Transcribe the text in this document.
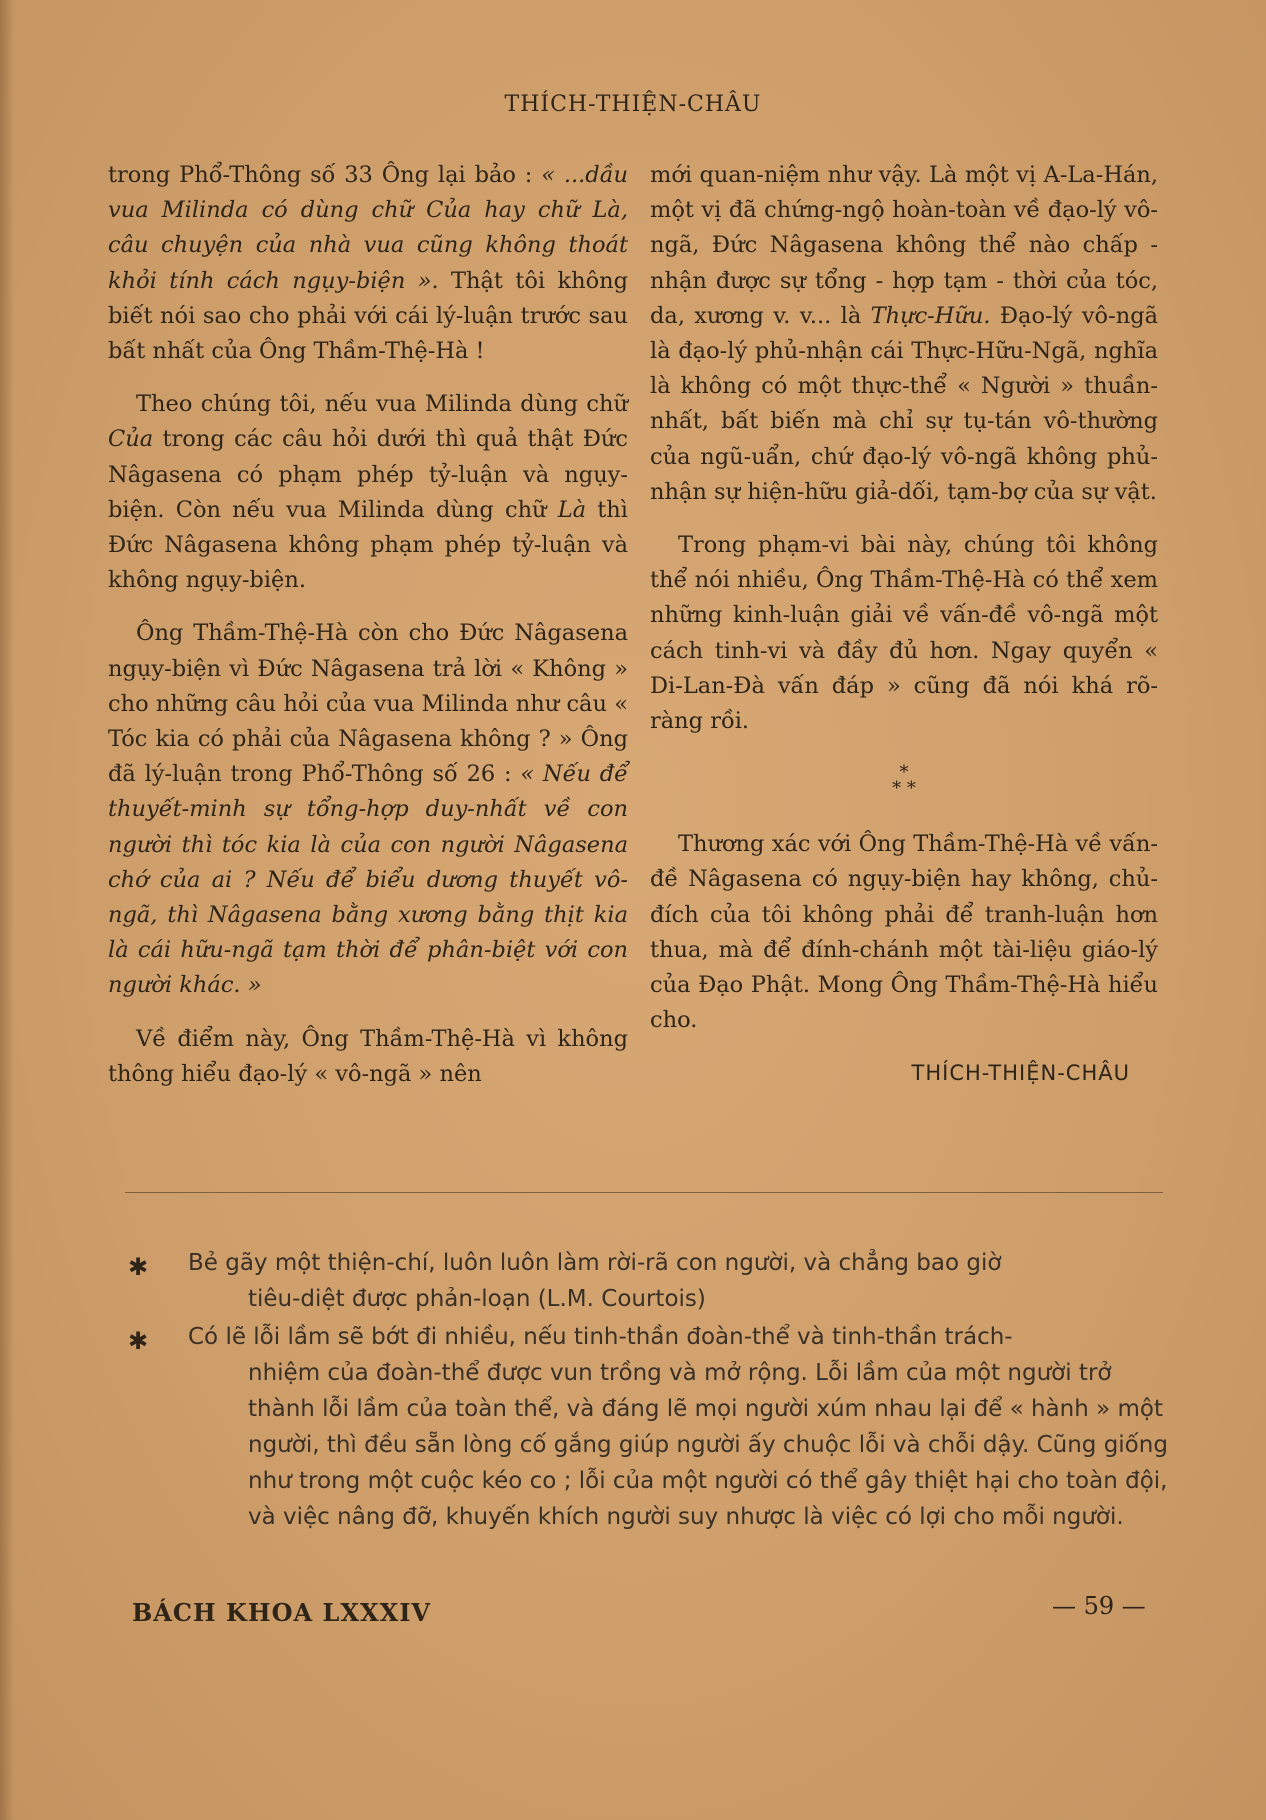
THÍCH-THIỆN-CHÂU

trong Phổ-Thông số 33 Ông lại bảo : « ...dầu vua Milinda có dùng chữ Của hay chữ Là, câu chuyện của nhà vua cũng không thoát khỏi tính cách ngụy-biện ». Thật tôi không biết nói sao cho phải với cái lý-luận trước sau bất nhất của Ông Thầm-Thệ-Hà !

Theo chúng tôi, nếu vua Milinda dùng chữ Của trong các câu hỏi dưới thì quả thật Đức Nâgasena có phạm phép tỷ-luận và ngụy-biện. Còn nếu vua Milinda dùng chữ Là thì Đức Nâgasena không phạm phép tỷ-luận và không ngụy-biện.

Ông Thầm-Thệ-Hà còn cho Đức Nâgasena ngụy-biện vì Đức Nâgasena trả lời « Không » cho những câu hỏi của vua Milinda như câu « Tóc kia có phải của Nâgasena không ? » Ông đã lý-luận trong Phổ-Thông số 26 : « Nếu để thuyết-minh sự tổng-hợp duy-nhất về con người thì tóc kia là của con người Nâgasena chớ của ai ? Nếu để biểu dương thuyết vô-ngã, thì Nâgasena bằng xương bằng thịt kia là cái hữu-ngã tạm thời để phân-biệt với con người khác. »

Về điểm này, Ông Thầm-Thệ-Hà vì không thông hiểu đạo-lý « vô-ngã » nên

mới quan-niệm như vậy. Là một vị A-La-Hán, một vị đã chứng-ngộ hoàn-toàn về đạo-lý vô-ngã, Đức Nâgasena không thể nào chấp - nhận được sự tổng - hợp tạm - thời của tóc, da, xương v. v... là Thực-Hữu. Đạo-lý vô-ngã là đạo-lý phủ-nhận cái Thực-Hữu-Ngã, nghĩa là không có một thực-thể « Người » thuần-nhất, bất biến mà chỉ sự tụ-tán vô-thường của ngũ-uẩn, chứ đạo-lý vô-ngã không phủ-nhận sự hiện-hữu giả-dối, tạm-bợ của sự vật.

Trong phạm-vi bài này, chúng tôi không thể nói nhiều, Ông Thầm-Thệ-Hà có thể xem những kinh-luận giải về vấn-đề vô-ngã một cách tinh-vi và đầy đủ hơn. Ngay quyển « Di-Lan-Đà vấn đáp » cũng đã nói khá rõ-ràng rồi.

*
* *

Thương xác với Ông Thầm-Thệ-Hà về vấn-đề Nâgasena có ngụy-biện hay không, chủ-đích của tôi không phải để tranh-luận hơn thua, mà để đính-chánh một tài-liệu giáo-lý của Đạo Phật. Mong Ông Thầm-Thệ-Hà hiểu cho.

THÍCH-THIỆN-CHÂU

✱ Bẻ gãy một thiện-chí, luôn luôn làm rời-rã con người, và chẳng bao giờ
tiêu-diệt được phản-loạn (L.M. Courtois)

✱ Có lẽ lỗi lầm sẽ bớt đi nhiều, nếu tinh-thần đoàn-thể và tinh-thần trách-
nhiệm của đoàn-thể được vun trồng và mở rộng. Lỗi lầm của một người trở thành lỗi lầm của toàn thể, và đáng lẽ mọi người xúm nhau lại để « hành » một người, thì đều sẵn lòng cố gắng giúp người ấy chuộc lỗi và chỗi dậy. Cũng giống như trong một cuộc kéo co ; lỗi của một người có thể gây thiệt hại cho toàn đội, và việc nâng đỡ, khuyến khích người suy nhược là việc có lợi cho mỗi người.

BÁCH KHOA LXXXIV	— 59 —
